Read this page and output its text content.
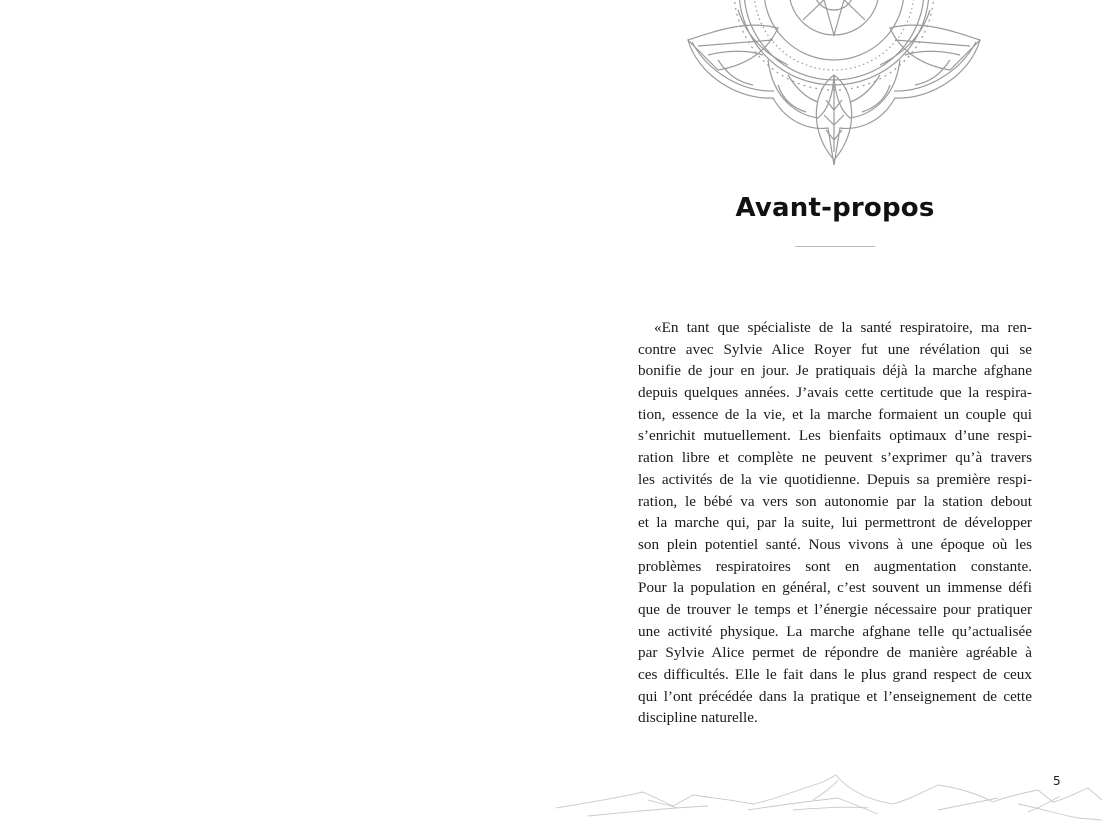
Avant-propos
«En tant que spécialiste de la santé respiratoire, ma ren-
contre avec Sylvie Alice Royer fut une révélation qui se
bonifie de jour en jour. Je pratiquais déjà la marche afghane
depuis quelques années. J’avais cette certitude que la respira-
tion, essence de la vie, et la marche formaient un couple qui
s’enrichit mutuellement. Les bienfaits optimaux d’une respi-
ration libre et complète ne peuvent s’exprimer qu’à travers
les activités de la vie quotidienne. Depuis sa première respi-
ration, le bébé va vers son autonomie par la station debout
et la marche qui, par la suite, lui permettront de développer
son plein potentiel santé. Nous vivons à une époque où les
problèmes respiratoires sont en augmentation constante.
Pour la population en général, c’est souvent un immense défi
que de trouver le temps et l’énergie nécessaire pour pratiquer
une activité physique. La marche afghane telle qu’actualisée
par Sylvie Alice permet de répondre de manière agréable à
ces difficultés. Elle le fait dans le plus grand respect de ceux
qui l’ont précédée dans la pratique et l’enseignement de cette
discipline naturelle.
5
